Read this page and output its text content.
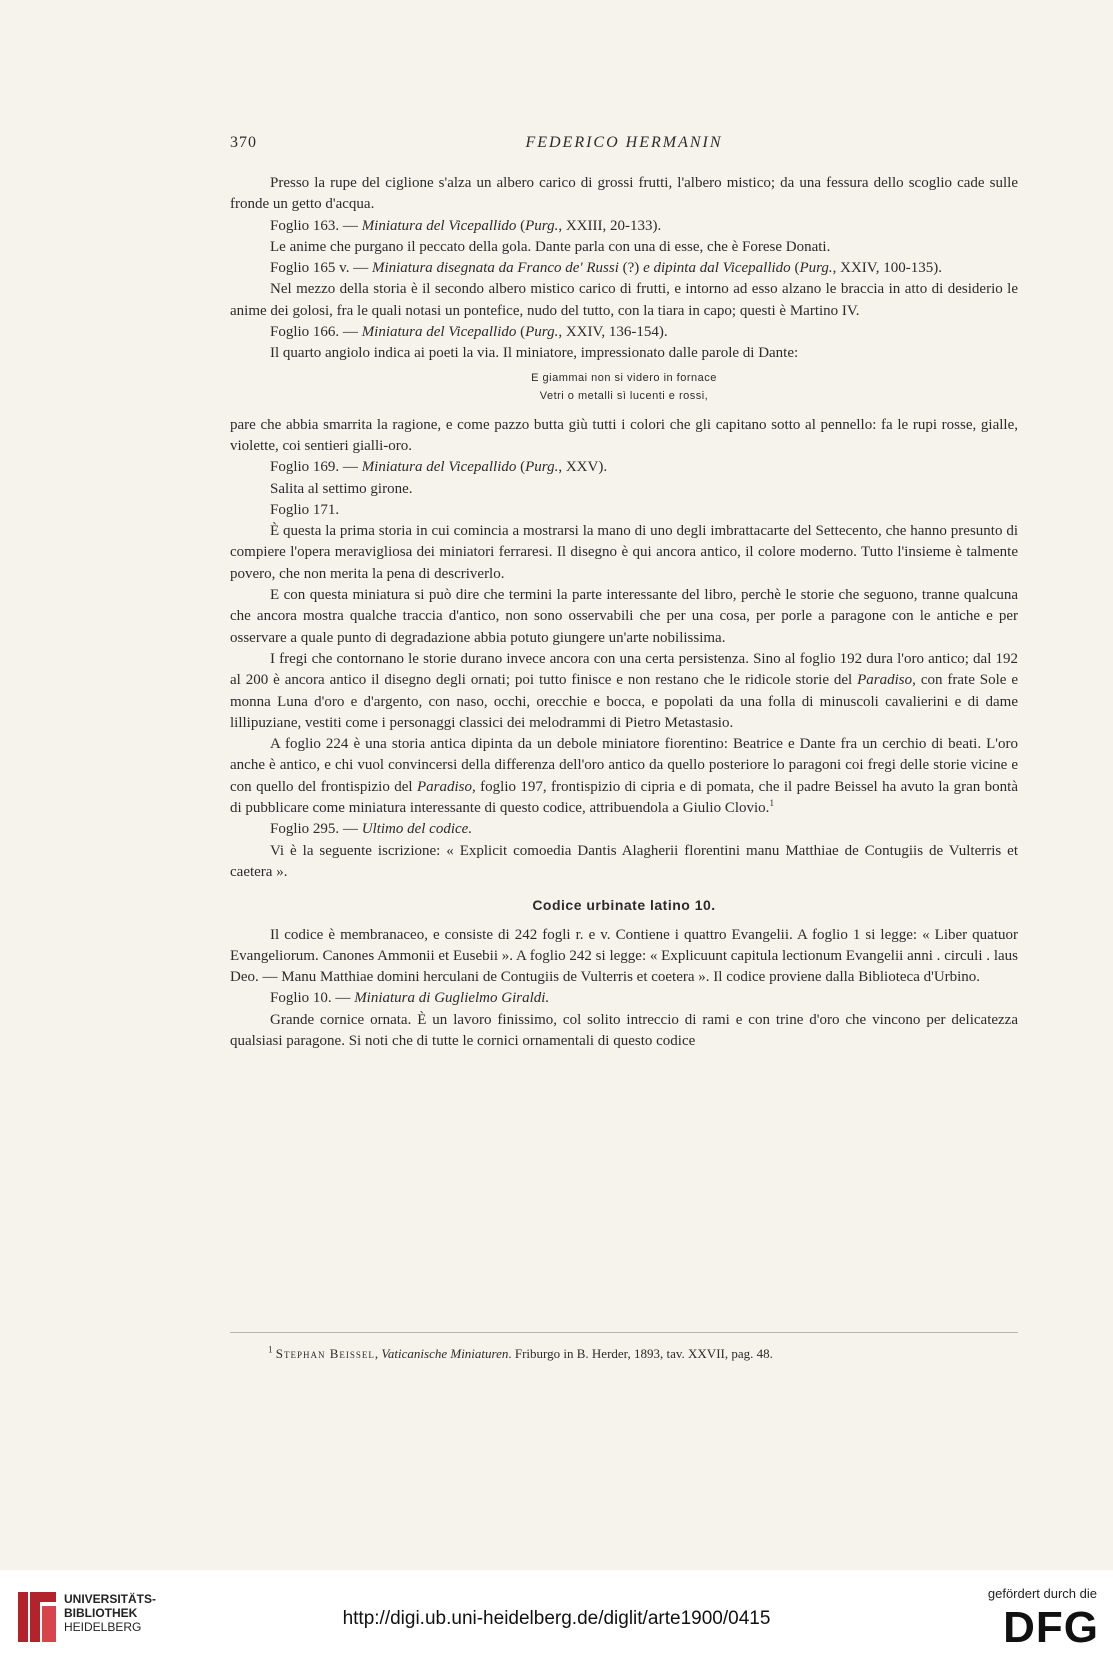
370	FEDERICO HERMANIN

Presso la rupe del ciglione s'alza un albero carico di grossi frutti, l'albero mistico; da una fessura dello scoglio cade sulle fronde un getto d'acqua.

Foglio 163. — Miniatura del Vicepallido (Purg., XXIII, 20-133).

Le anime che purgano il peccato della gola. Dante parla con una di esse, che è Forese Donati.

Foglio 165 v. — Miniatura disegnata da Franco de' Russi (?) e dipinta dal Vicepallido (Purg., XXIV, 100-135).

Nel mezzo della storia è il secondo albero mistico carico di frutti, e intorno ad esso alzano le braccia in atto di desiderio le anime dei golosi, fra le quali notasi un pontefice, nudo del tutto, con la tiara in capo; questi è Martino IV.

Foglio 166. — Miniatura del Vicepallido (Purg., XXIV, 136-154).

Il quarto angiolo indica ai poeti la via. Il miniatore, impressionato dalle parole di Dante:

E giammai non si videro in fornace
Vetri o metalli sì lucenti e rossi,

pare che abbia smarrita la ragione, e come pazzo butta giù tutti i colori che gli capitano sotto al pennello: fa le rupi rosse, gialle, violette, coi sentieri gialli-oro.

Foglio 169. — Miniatura del Vicepallido (Purg., XXV).

Salita al settimo girone.

Foglio 171.

È questa la prima storia in cui comincia a mostrarsi la mano di uno degli imbrattacarte del Settecento, che hanno presunto di compiere l'opera meravigliosa dei miniatori ferraresi. Il disegno è qui ancora antico, il colore moderno. Tutto l'insieme è talmente povero, che non merita la pena di descriverlo.

E con questa miniatura si può dire che termini la parte interessante del libro, perchè le storie che seguono, tranne qualcuna che ancora mostra qualche traccia d'antico, non sono osservabili che per una cosa, per porle a paragone con le antiche e per osservare a quale punto di degradazione abbia potuto giungere un'arte nobilissima.

I fregi che contornano le storie durano invece ancora con una certa persistenza. Sino al foglio 192 dura l'oro antico; dal 192 al 200 è ancora antico il disegno degli ornati; poi tutto finisce e non restano che le ridicole storie del Paradiso, con frate Sole e monna Luna d'oro e d'argento, con naso, occhi, orecchie e bocca, e popolati da una folla di minuscoli cavalierini e di dame lillipuziane, vestiti come i personaggi classici dei melodrammi di Pietro Metastasio.

A foglio 224 è una storia antica dipinta da un debole miniatore fiorentino: Beatrice e Dante fra un cerchio di beati. L'oro anche è antico, e chi vuol convincersi della differenza dell'oro antico da quello posteriore lo paragoni coi fregi delle storie vicine e con quello del frontispizio del Paradiso, foglio 197, frontispizio di cipria e di pomata, che il padre Beissel ha avuto la gran bontà di pubblicare come miniatura interessante di questo codice, attribuendola a Giulio Clovio.$^1$

Foglio 295. — Ultimo del codice.

Vi è la seguente iscrizione: « Explicit comoedia Dantis Alagherii florentini manu Matthiae de Contugiis de Vulterris et caetera ».

Codice urbinate latino 10.

Il codice è membranaceo, e consiste di 242 fogli r. e v. Contiene i quattro Evangelii. A foglio 1 si legge: « Liber quatuor Evangeliorum. Canones Ammonii et Eusebii ». A foglio 242 si legge: « Explicuunt capitula lectionum Evangelii anni . circuli . laus Deo. — Manu Matthiae domini herculani de Contugiis de Vulterris et coetera ». Il codice proviene dalla Biblioteca d'Urbino.

Foglio 10. — Miniatura di Guglielmo Giraldi.

Grande cornice ornata. È un lavoro finissimo, col solito intreccio di rami e con trine d'oro che vincono per delicatezza qualsiasi paragone. Si noti che di tutte le cornici ornamentali di questo codice

$^1$ Stephan Beissel, Vaticanische Miniaturen. Friburgo in B. Herder, 1893, tav. XXVII, pag. 48.
UNIVERSITÄTS-
BIBLIOTHEK
HEIDELBERG	http://digi.ub.uni-heidelberg.de/diglit/arte1900/0415
gefördert durch die
DFG
